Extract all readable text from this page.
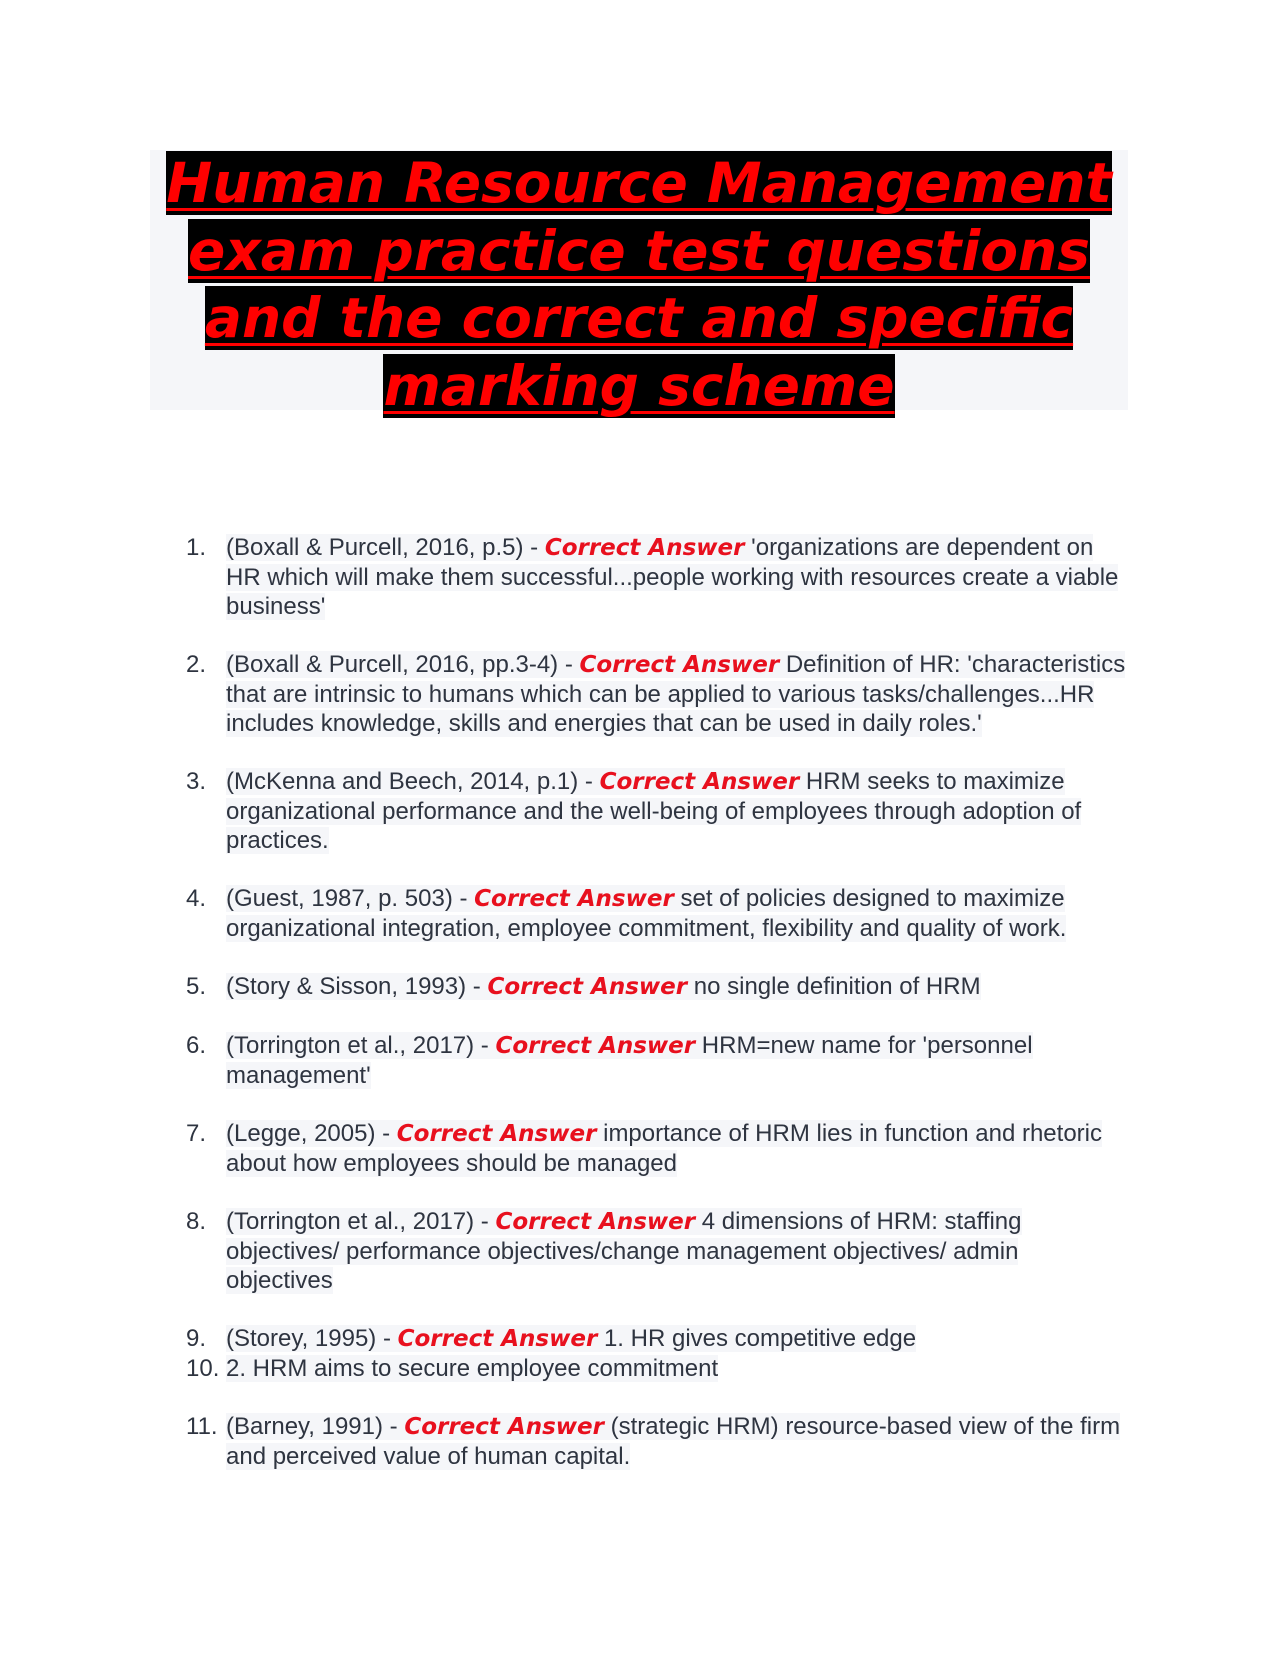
Human Resource Management exam practice test questions and the correct and specific marking scheme
1. (Boxall & Purcell, 2016, p.5) - Correct Answer 'organizations are dependent on HR which will make them successful...people working with resources create a viable business'
2. (Boxall & Purcell, 2016, pp.3-4) - Correct Answer Definition of HR: 'characteristics that are intrinsic to humans which can be applied to various tasks/challenges...HR includes knowledge, skills and energies that can be used in daily roles.'
3. (McKenna and Beech, 2014, p.1) - Correct Answer HRM seeks to maximize organizational performance and the well-being of employees through adoption of practices.
4. (Guest, 1987, p. 503) - Correct Answer set of policies designed to maximize organizational integration, employee commitment, flexibility and quality of work.
5. (Story & Sisson, 1993) - Correct Answer no single definition of HRM
6. (Torrington et al., 2017) - Correct Answer HRM=new name for 'personnel management'
7. (Legge, 2005) - Correct Answer importance of HRM lies in function and rhetoric about how employees should be managed
8. (Torrington et al., 2017) - Correct Answer 4 dimensions of HRM: staffing objectives/ performance objectives/change management objectives/ admin objectives
9. (Storey, 1995) - Correct Answer 1. HR gives competitive edge
10. 2. HRM aims to secure employee commitment
11. (Barney, 1991) - Correct Answer (strategic HRM) resource-based view of the firm and perceived value of human capital.
